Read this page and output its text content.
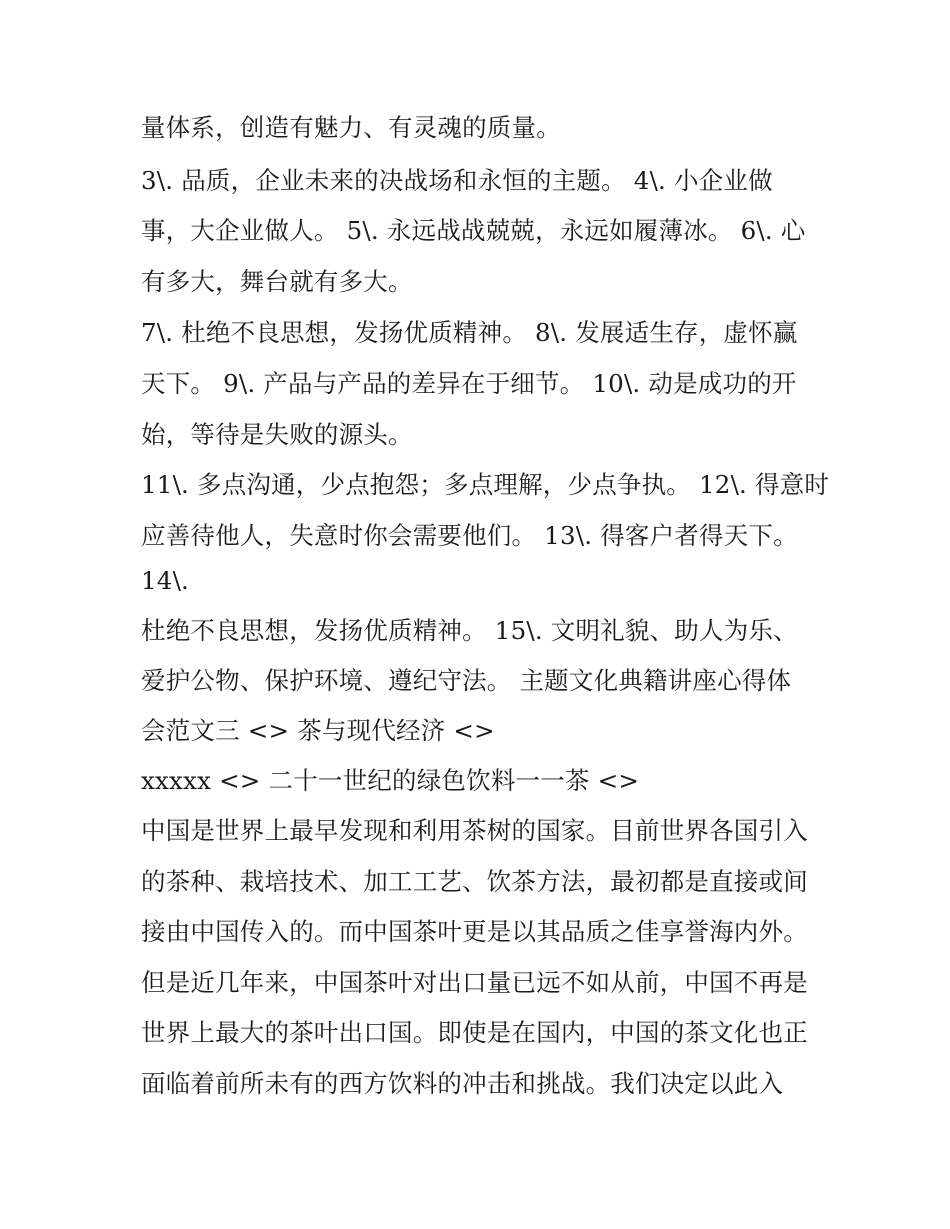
量体系，创造有魅力、有灵魂的质量。
3\. 品质，企业未来的决战场和永恒的主题。 4\. 小企业做
事，大企业做人。 5\. 永远战战兢兢，永远如履薄冰。 6\. 心
有多大，舞台就有多大。
7\. 杜绝不良思想，发扬优质精神。 8\. 发展适生存，虚怀赢
天下。 9\. 产品与产品的差异在于细节。 10\. 动是成功的开
始，等待是失败的源头。
11\. 多点沟通，少点抱怨；多点理解，少点争执。 12\. 得意时
应善待他人，失意时你会需要他们。 13\. 得客户者得天下。
14\.
杜绝不良思想，发扬优质精神。 15\. 文明礼貌、助人为乐、
爱护公物、保护环境、遵纪守法。 主题文化典籍讲座心得体
会范文三 <> 茶与现代经济 <>
xxxxx <> 二十一世纪的绿色饮料一一茶 <>
中国是世界上最早发现和利用茶树的国家。目前世界各国引入
的茶种、栽培技术、加工工艺、饮茶方法，最初都是直接或间
接由中国传入的。而中国茶叶更是以其品质之佳享誉海内外。
但是近几年来，中国茶叶对出口量已远不如从前，中国不再是
世界上最大的茶叶出口国。即使是在国内，中国的茶文化也正
面临着前所未有的西方饮料的冲击和挑战。我们决定以此入
